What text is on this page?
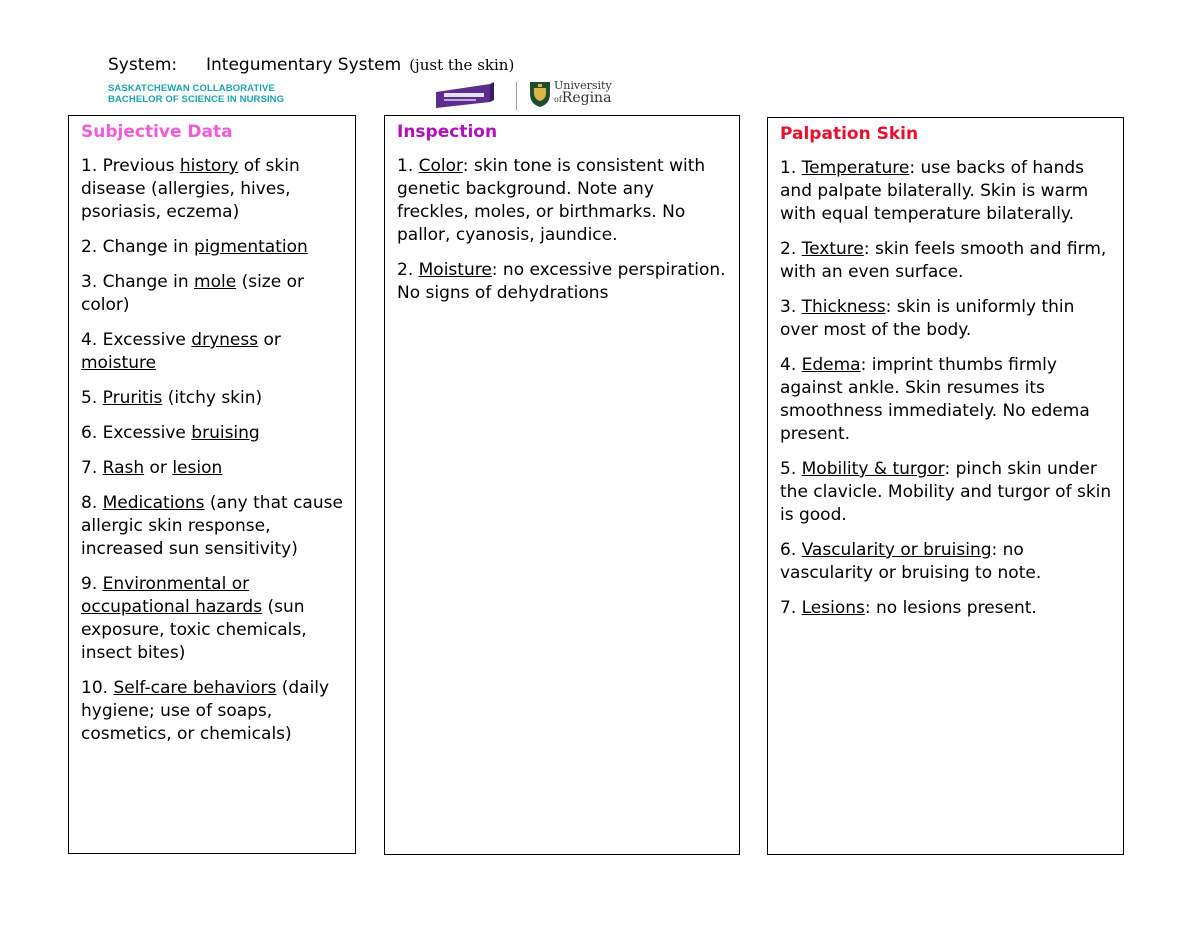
System: Integumentary System (just the skin)
SASKATCHEWAN COLLABORATIVE
BACHELOR OF SCIENCE IN NURSING
University
ofRegina
Subjective Data

1. Previous history of skin disease (allergies, hives, psoriasis, eczema)

2. Change in pigmentation

3. Change in mole (size or color)

4. Excessive dryness or moisture

5. Pruritis (itchy skin)

6. Excessive bruising

7. Rash or lesion

8. Medications (any that cause allergic skin response, increased sun sensitivity)

9. Environmental or occupational hazards (sun exposure, toxic chemicals, insect bites)

10. Self-care behaviors (daily hygiene; use of soaps, cosmetics, or chemicals)

Inspection

1. Color: skin tone is consistent with genetic background. Note any freckles, moles, or birthmarks. No pallor, cyanosis, jaundice.

2. Moisture: no excessive perspiration. No signs of dehydrations

Palpation Skin

1. Temperature: use backs of hands and palpate bilaterally. Skin is warm with equal temperature bilaterally.

2. Texture: skin feels smooth and firm, with an even surface.

3. Thickness: skin is uniformly thin over most of the body.

4. Edema: imprint thumbs firmly against ankle. Skin resumes its smoothness immediately. No edema present.

5. Mobility & turgor: pinch skin under the clavicle. Mobility and turgor of skin is good.

6. Vascularity or bruising: no vascularity or bruising to note.

7. Lesions: no lesions present.
